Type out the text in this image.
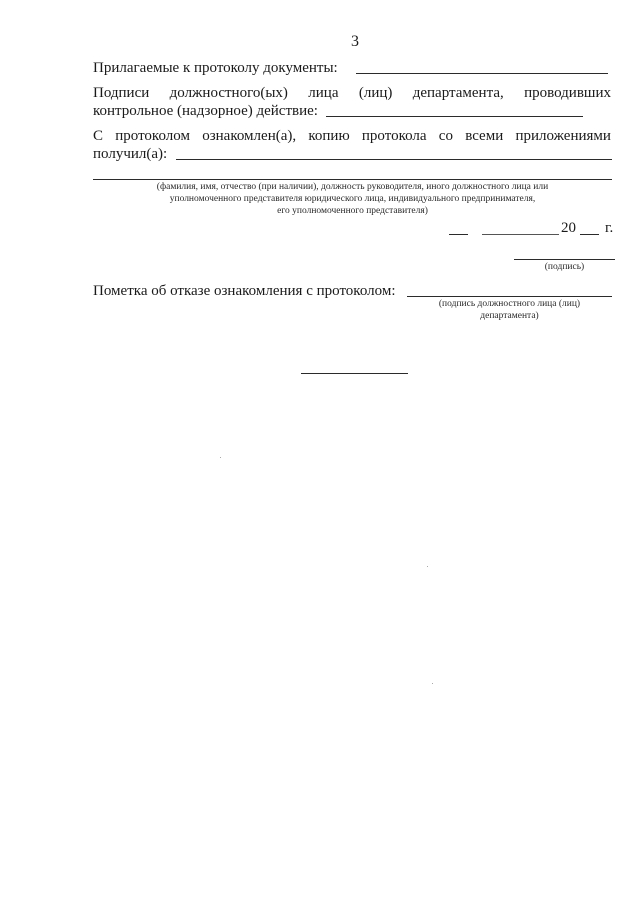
3
Прилагаемые к протоколу документы:
Подписи должностного(ых) лица (лиц) департамента, проводивших
контрольное (надзорное) действие:
С протоколом ознакомлен(а), копию протокола со всеми приложениями
получил(а):
(фамилия, имя, отчество (при наличии), должность руководителя, иного должностного лица или
уполномоченного представителя юридического лица, индивидуального предпринимателя,
его уполномоченного представителя)
20 г.
(подпись)
Пометка об отказе ознакомления с протоколом:
(подпись должностного лица (лиц)
департамента)
